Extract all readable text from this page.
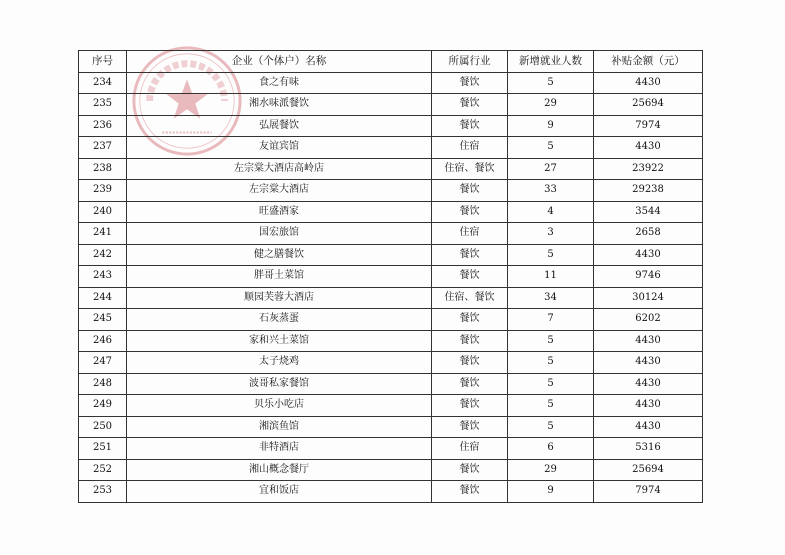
序号	企业（个体户）名称	所属行业	新增就业人数	补贴金额（元）
234	食之有味	餐饮	5	4430
235	湘水味派餐饮	餐饮	29	25694
236	弘展餐饮	餐饮	9	7974
237	友谊宾馆	住宿	5	4430
238	左宗棠大酒店高岭店	住宿、餐饮	27	23922
239	左宗棠大酒店	餐饮	33	29238
240	旺盛酒家	餐饮	4	3544
241	国宏旅馆	住宿	3	2658
242	健之膳餐饮	餐饮	5	4430
243	胖哥土菜馆	餐饮	11	9746
244	顺园芙蓉大酒店	住宿、餐饮	34	30124
245	石灰蒸蛋	餐饮	7	6202
246	家和兴土菜馆	餐饮	5	4430
247	太子烧鸡	餐饮	5	4430
248	波哥私家餐馆	餐饮	5	4430
249	贝乐小吃店	餐饮	5	4430
250	湘滨鱼馆	餐饮	5	4430
251	非特酒店	住宿	6	5316
252	湘山概念餐厅	餐饮	29	25694
253	宜和饭店	餐饮	9	7974
